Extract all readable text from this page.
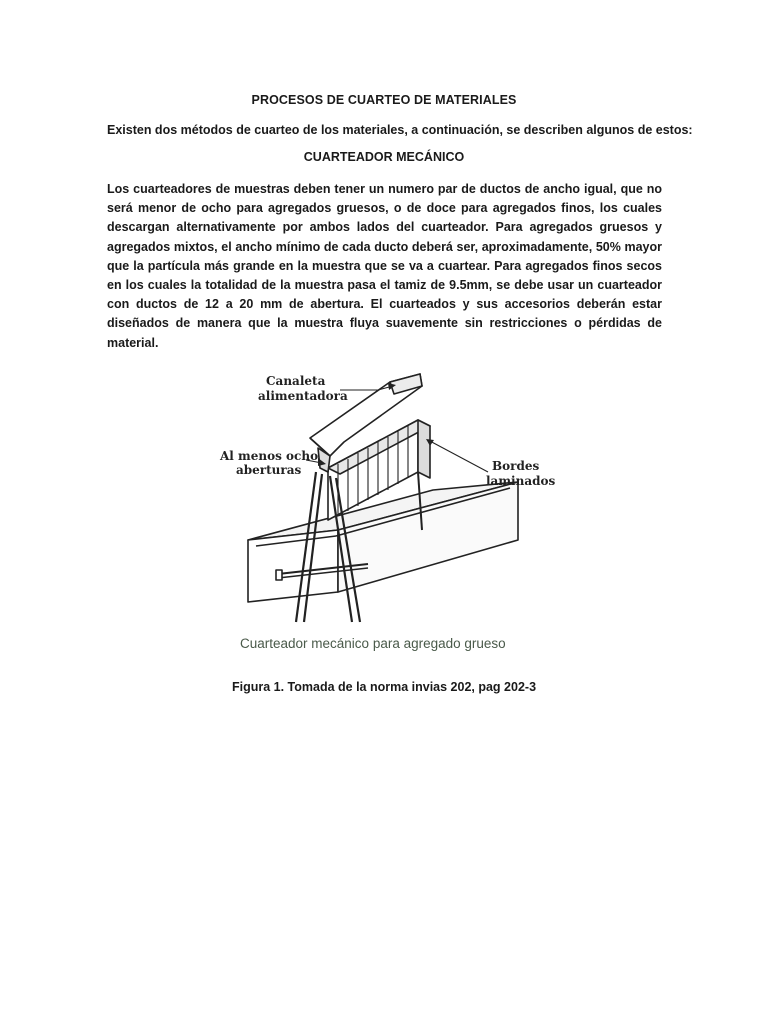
PROCESOS DE CUARTEO DE MATERIALES
Existen dos métodos de cuarteo de los materiales, a continuación, se describen algunos de estos:
CUARTEADOR MECÁNICO
Los cuarteadores de muestras deben tener un numero par de ductos de ancho igual, que no será menor de ocho para agregados gruesos, o de doce para agregados finos, los cuales descargan alternativamente por ambos lados del cuarteador. Para agregados gruesos y agregados mixtos, el ancho mínimo de cada ducto deberá ser, aproximadamente, 50% mayor que la partícula más grande en la muestra que se va a cuartear. Para agregados finos secos en los cuales la totalidad de la muestra pasa el tamiz de 9.5mm, se debe usar un cuarteador con ductos de 12 a 20 mm de abertura. El cuarteados y sus accesorios deberán estar diseñados de manera que la muestra fluya suavemente sin restricciones o pérdidas de material.
Canaleta
alimentadora
Al menos ocho
aberturas	Bordes
laminados
Cuarteador mecánico para agregado grueso
Figura 1. Tomada de la norma invias 202, pag 202-3
